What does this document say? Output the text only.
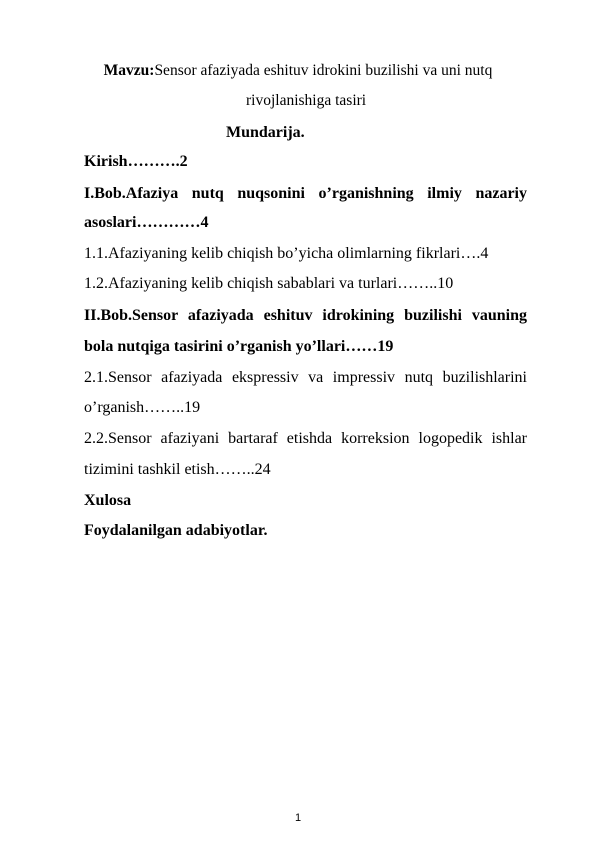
Mavzu:Sensor afaziyada eshituv idrokini buzilishi va uni nutq
rivojlanishiga tasiri
Mundarija.
Kirish……….2
I.Bob.Afaziya nutq nuqsonini o’rganishning ilmiy nazariy
asoslari…………4
1.1.Afaziyaning kelib chiqish bo’yicha olimlarning fikrlari….4
1.2.Afaziyaning kelib chiqish sabablari va turlari……..10
II.Bob.Sensor afaziyada eshituv idrokining buzilishi vauning
bola nutqiga tasirini o’rganish yo’llari……19
2.1.Sensor afaziyada ekspressiv va impressiv nutq buzilishlarini
o’rganish……..19
2.2.Sensor afaziyani bartaraf etishda korreksion logopedik ishlar
tizimini tashkil etish……..24
Xulosa
Foydalanilgan adabiyotlar.
1
